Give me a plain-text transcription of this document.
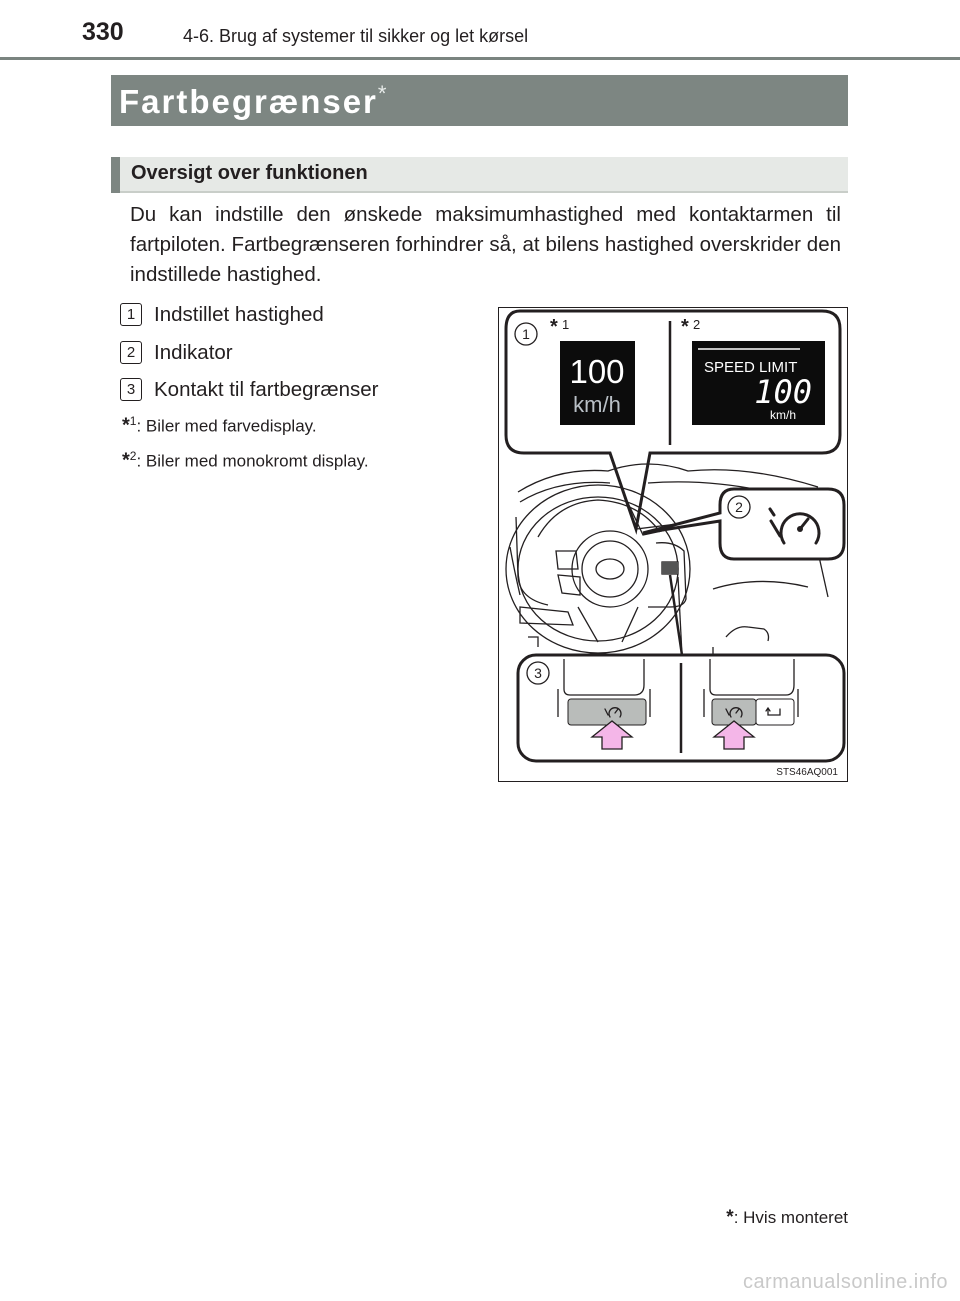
330	4-6. Brug af systemer til sikker og let kørsel
Fartbegrænser*
Oversigt over funktionen
Du kan indstille den ønskede maksimumhastighed med kontaktarmen til fartpiloten. Fartbegrænseren forhindrer så, at bilens hastighed overskrider den indstillede hastighed.
1 Indstillet hastighed
2 Indikator
3 Kontakt til fartbegrænser
*$^1$: Biler med farvedisplay.
*$^2$: Biler med monokromt display.
1 * 1	* 2
100
km/h
SPEED LIMIT
100
km/h
2
3
STS46AQ001
*: Hvis monteret
carmanualsonline.info
